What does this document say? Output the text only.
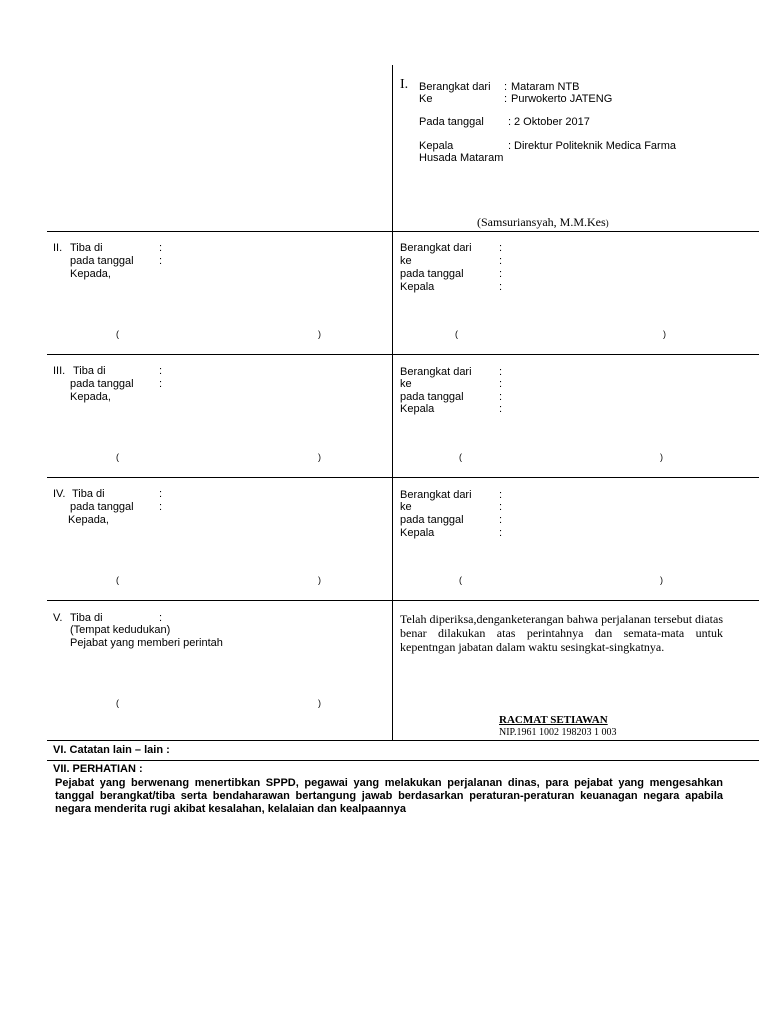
I. Berangkat dari : Mataram NTB
Ke	: Purwokerto JATENG
Pada tanggal : 2 Oktober 2017
Kepala	: Direktur Politeknik Medica Farma
Husada Mataram
(Samsuriansyah, M.M.Kes)
II. Tiba di	:
pada tanggal :
Kepada,
(	)
Berangkat dari :
ke	:
pada tanggal	:
Kepala	:
(	)
III. Tiba di	:
pada tanggal :
Kepada,
(	)
Berangkat dari :
ke	:
pada tanggal	:
Kepala	:
(	)
IV. Tiba di	:
pada tanggal :
Kepada,
(	)
Berangkat dari :
ke	:
pada tanggal	:
Kepala	:
(	)
V. Tiba di	:
(Tempat kedudukan)
Pejabat yang memberi perintah
(	)
Telah diperiksa,denganketerangan bahwa perjalanan tersebut diatas benar dilakukan atas perintahnya dan semata-mata untuk kepentngan jabatan dalam waktu sesingkat-singkatnya.
RACMAT SETIAWAN
NIP.1961 1002 198203 1 003
VI. Catatan lain – lain :
VII. PERHATIAN :
Pejabat yang berwenang menertibkan SPPD, pegawai yang melakukan perjalanan dinas, para pejabat yang mengesahkan tanggal berangkat/tiba serta bendaharawan bertangung jawab berdasarkan peraturan-peraturan keuanagan negara apabila negara menderita rugi akibat kesalahan, kelalaian dan kealpaannya
